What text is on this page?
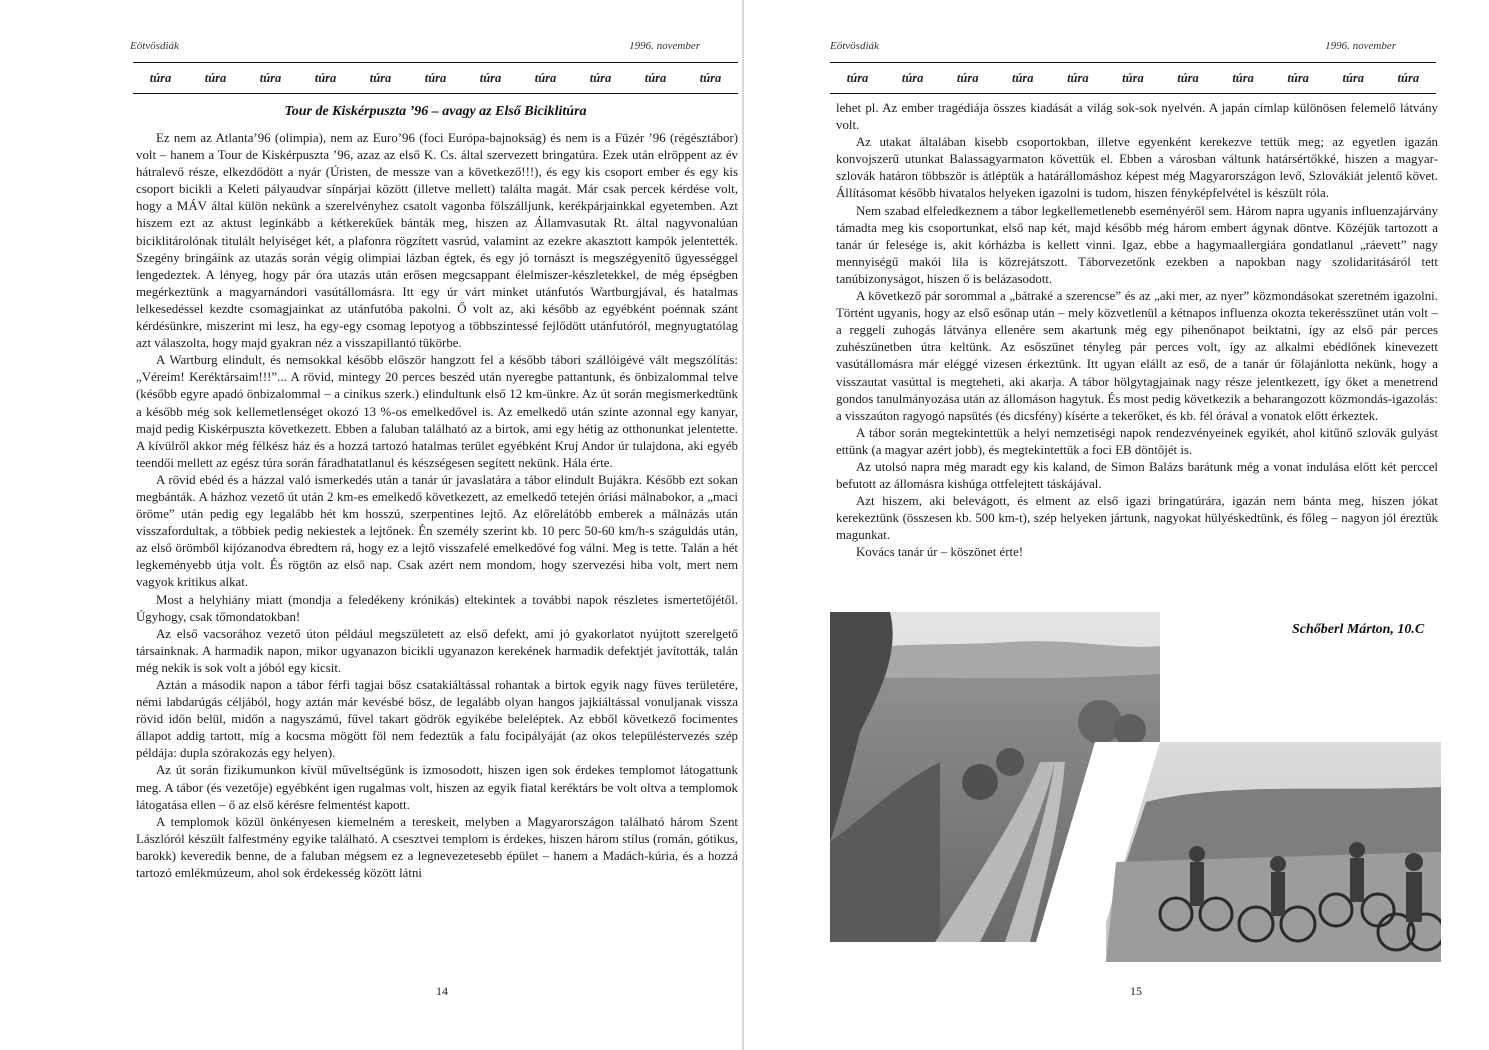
Eötvösdiák	1996. november
túra	túra	túra	túra	túra	túra	túra	túra	túra	túra	túra
Tour de Kiskérpuszta ’96 – avagy az Első Biciklitúra

Ez nem az Atlanta’96 (olimpia), nem az Euro’96 (foci Európa-bajnokság) és nem is a Füzér ’96 (régésztábor) volt – hanem a Tour de Kiskérpuszta ’96, azaz az első K. Cs. által szervezett bringatúra. Ezek után elröppent az év hátralevő része, elkezdődött a nyár (Úristen, de messze van a következő!!!), és egy kis csoport ember és egy kis csoport bicikli a Keleti pályaudvar sínpárjai között (illetve mellett) találta magát. Már csak percek kérdése volt, hogy a MÁV által külön nekünk a szerelvényhez csatolt vagonba fölszálljunk, kerékpárjainkkal egyetemben. Azt hiszem ezt az aktust leginkább a kétkerekűek bánták meg, hiszen az Államvasutak Rt. által nagyvonalúan biciklitárolónak titulált helyiséget két, a plafonra rögzített vasrúd, valamint az ezekre akasztott kampók jelentették. Szegény bringáink az utazás során végig olimpiai lázban égtek, és egy jó tornászt is megszégyenítő ügyességgel lengedeztek. A lényeg, hogy pár óra utazás után erősen megcsappant élelmiszer-készletekkel, de még épségben megérkeztünk a magyarnándori vasútállomásra. Itt egy úr várt minket utánfutós Wartburgjával, és hatalmas lelkesedéssel kezdte csomagjainkat az utánfutóba pakolni. Ő volt az, aki később az egyébként poénnak szánt kérdésünkre, miszerint mi lesz, ha egy-egy csomag lepotyog a többszintessé fejlődött utánfutóról, megnyugtatólag azt válaszolta, hogy majd gyakran néz a visszapillantó tükörbe.

A Wartburg elindult, és nemsokkal később először hangzott fel a később tábori szállóigévé vált megszólítás: „Véreim! Keréktársaim!!!”... A rövid, mintegy 20 perces beszéd után nyeregbe pattantunk, és önbizalommal telve (később egyre apadó önbizalommal – a cinikus szerk.) elindultunk első 12 km-ünkre. Az út során megismerkedtünk a később még sok kellemetlenséget okozó 13 %-os emelkedővel is. Az emelkedő után szinte azonnal egy kanyar, majd pedig Kiskérpuszta következett. Ebben a faluban található az a birtok, ami egy hétig az otthonunkat jelentette. A kívülről akkor még félkész ház és a hozzá tartozó hatalmas terület egyébként Kruj Andor úr tulajdona, aki egyéb teendői mellett az egész túra során fáradhatatlanul és készségesen segített nekünk. Hála érte.

A rövid ebéd és a házzal való ismerkedés után a tanár úr javaslatára a tábor elindult Bujákra. Később ezt sokan megbánták. A házhoz vezető út után 2 km-es emelkedő következett, az emelkedő tetején óriási málnabokor, a „maci öröme” után pedig egy legalább hét km hosszú, szerpentines lejtő. Az előrelátóbb emberek a málnázás után visszafordultak, a többiek pedig nekiestek a lejtőnek. Én személy szerint kb. 10 perc 50-60 km/h-s száguldás után, az első örömből kijózanodva ébredtem rá, hogy ez a lejtő visszafelé emelkedővé fog válni. Meg is tette. Talán a hét legkeményebb útja volt. És rögtön az első nap. Csak azért nem mondom, hogy szervezési hiba volt, mert nem vagyok kritikus alkat.

Most a helyhiány miatt (mondja a feledékeny krónikás) eltekintek a további napok részletes ismertetőjétől. Úgyhogy, csak tőmondatokban!

Az első vacsorához vezető úton például megszületett az első defekt, ami jó gyakorlatot nyújtott szerelgető társainknak. A harmadik napon, mikor ugyanazon bicikli ugyanazon kerekének harmadik defektjét javították, talán még nekik is sok volt a jóból egy kicsit.

Aztán a második napon a tábor férfi tagjai bősz csatakiáltással rohantak a birtok egyik nagy füves területére, némi labdarúgás céljából, hogy aztán már kevésbé bősz, de legalább olyan hangos jajkiáltással vonuljanak vissza rövid időn belül, midőn a nagyszámú, fűvel takart gödrök egyikébe beleléptek. Az ebből következő focimentes állapot addig tartott, míg a kocsma mögött föl nem fedeztük a falu focipályáját (az okos településtervezés szép példája: dupla szórakozás egy helyen).

Az út során fizikumunkon kívül műveltségünk is izmosodott, hiszen igen sok érdekes templomot látogattunk meg. A tábor (és vezetője) egyébként igen rugalmas volt, hiszen az egyik fiatal keréktárs be volt oltva a templomok látogatása ellen – ő az első kérésre felmentést kapott.

A templomok közül önkényesen kiemelném a tereskeit, melyben a Magyarországon található három Szent Lászlóról készült falfestmény egyike található. A csesztvei templom is érdekes, hiszen három stílus (román, gótikus, barokk) keveredik benne, de a faluban mégsem ez a legnevezetesebb épület – hanem a Madách-kúria, és a hozzá tartozó emlékmúzeum, ahol sok érdekesség között látni

14
Eötvösdiák	1996. november
túra	túra	túra	túra	túra	túra	túra	túra	túra	túra	túra

lehet pl. Az ember tragédiája összes kiadását a világ sok-sok nyelvén. A japán címlap különösen felemelő látvány volt.

Az utakat általában kisebb csoportokban, illetve egyenként kerekezve tettük meg; az egyetlen igazán konvojszerű utunkat Balassagyarmaton követtük el. Ebben a városban váltunk határsértőkké, hiszen a magyar-szlovák határon többször is átléptük a határállomáshoz képest még Magyarországon levő, Szlovákiát jelentő követ. Állításomat később hivatalos helyeken igazolni is tudom, hiszen fényképfelvétel is készült róla.

Nem szabad elfeledkeznem a tábor legkellemetlenebb eseményéről sem. Három napra ugyanis influenzajárvány támadta meg kis csoportunkat, első nap két, majd később még három embert ágynak döntve. Közéjük tartozott a tanár úr felesége is, akit kórházba is kellett vinni. Igaz, ebbe a hagymaallergiára gondatlanul „ráevett” nagy mennyiségű makói lila is közrejátszott. Táborvezetőnk ezekben a napokban nagy szolidaritásáról tett tanúbizonyságot, hiszen ő is belázasodott.

A következő pár sorommal a „bátraké a szerencse” és az „aki mer, az nyer” közmondásokat szeretném igazolni. Történt ugyanis, hogy az első esőnap után – mely közvetlenül a kétnapos influenza okozta tekerésszünet után volt – a reggeli zuhogás látványa ellenére sem akartunk még egy pihenőnapot beiktatni, így az első pár perces zuhészünetben útra keltünk. Az esőszünet tényleg pár perces volt, így az alkalmi ebédlőnek kinevezett vasútállomásra már eléggé vizesen érkeztünk. Itt ugyan elállt az eső, de a tanár úr fölajánlotta nekünk, hogy a visszautat vasúttal is megteheti, aki akarja. A tábor hölgytagjainak nagy része jelentkezett, így őket a menetrend gondos tanulmányozása után az állomáson hagytuk. És most pedig következik a beharangozott közmondás-igazolás: a visszaúton ragyogó napsütés (és dicsfény) kísérte a tekerőket, és kb. fél órával a vonatok előtt érkeztek.

A tábor során megtekintettük a helyi nemzetiségi napok rendezvényeinek egyikét, ahol kitűnő szlovák gulyást ettünk (a magyar azért jobb), és megtekintettük a foci EB döntőjét is.

Az utolsó napra még maradt egy kis kaland, de Simon Balázs barátunk még a vonat indulása előtt két perccel befutott az állomásra kishúga ottfelejtett táskájával.

Azt hiszem, aki belevágott, és elment az első igazi bringatúrára, igazán nem bánta meg, hiszen jókat kerekeztünk (összesen kb. 500 km-t), szép helyeken jártunk, nagyokat hülyéskedtünk, és főleg – nagyon jól éreztük magunkat.

Kovács tanár úr – köszönet érte!

Schőberl Márton, 10.C
15
